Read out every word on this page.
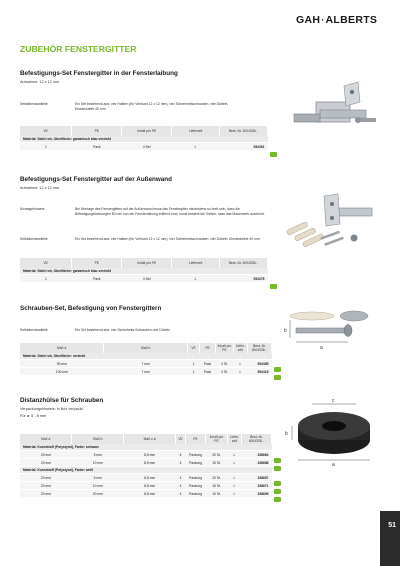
GAH·ALBERTS
ZUBEHÖR FENSTERGITTER
Befestigungs-Set Fenstergitter in der Fensterlaibung
Aufnahme: 12 x 12 mm
Selbstbestandteile	Ein Set bestehend aus: vier Haltern (für Vierkant 12 x 12 mm), vier Sicherheitsschrauben, vier Dübeln, Einstecktiefe 40 mm
VE	PE	Inhalt pro PE	Lieferzeit	Best.-Nr. 4004338...
Material: Stahl roh, Oberfläche: galvanisch blau verzinkt				
1	Pack	4 Set	L	554361
Befestigungs-Set Fenstergitter auf der Außenwand
Aufnahme: 12 x 12 mm
Montagehinweis	Bei Montage des Fenstergitters auf der Außenwand muss das Fenstergitter mindestens so breit sein, dass die Befestigungsbohrungen 80 mm von der Fensterlaibung entfernt sind, sonst besteht die Gefahr, dass das Mauerwerk ausbricht.
Selbstbestandteile	Ein Set bestehend aus: vier Haltern (für Vierkant 12 x 12 mm), vier Sicherheitsschrauben, vier Dübeln, Einstecktiefe 40 mm
VE	PE	Inhalt pro PE	Lieferzeit	Best.-Nr. 4004338...
Material: Stahl roh, Oberfläche: galvanisch blau verzinkt				
1	Pack	4 Set	L	554378
Schrauben-Set, Befestigung von Fenstergittern
Selbstbestandteile	Ein Set bestehend aus: vier Sicherheits-Schrauben und Dübeln	b
a
Maß a	Maß b	VE	PE	Inhalt pro PE	Liefer-zeit	Best.-Nr. 4004338...
Material: Stahl roh, Oberfläche: verzinkt						
50 mm	7 mm	1	Pack	4 St.	L	554385
100 mm	7 mm	1	Pack	4 St.	L	554415
Distanzhülse für Schrauben
Verpackungshinweis: in Box verpackt
Für ø: 5 - 8 mm
c
b
a
Maß a	Maß b	Maß c ø	VE	PE	Inhalt pro PE	Liefer-zeit	Best.-Nr. 4004338...
Material: Kunststoff (Polystyrol), Farbe: schwarz							
20 mm	5 mm	8,5 mm	4	Packung	20 St.	L	338664
20 mm	10 mm	8,5 mm	4	Packung	15 St.	L	338688
Material: Kunststoff (Polystyrol), Farbe: weiß							
20 mm	5 mm	8,5 mm	4	Packung	20 St.	L	338657
20 mm	10 mm	8,5 mm	4	Packung	15 St.	L	338671
20 mm	20 mm	8,5 mm	4	Packung	10 St.	L	338695
51
